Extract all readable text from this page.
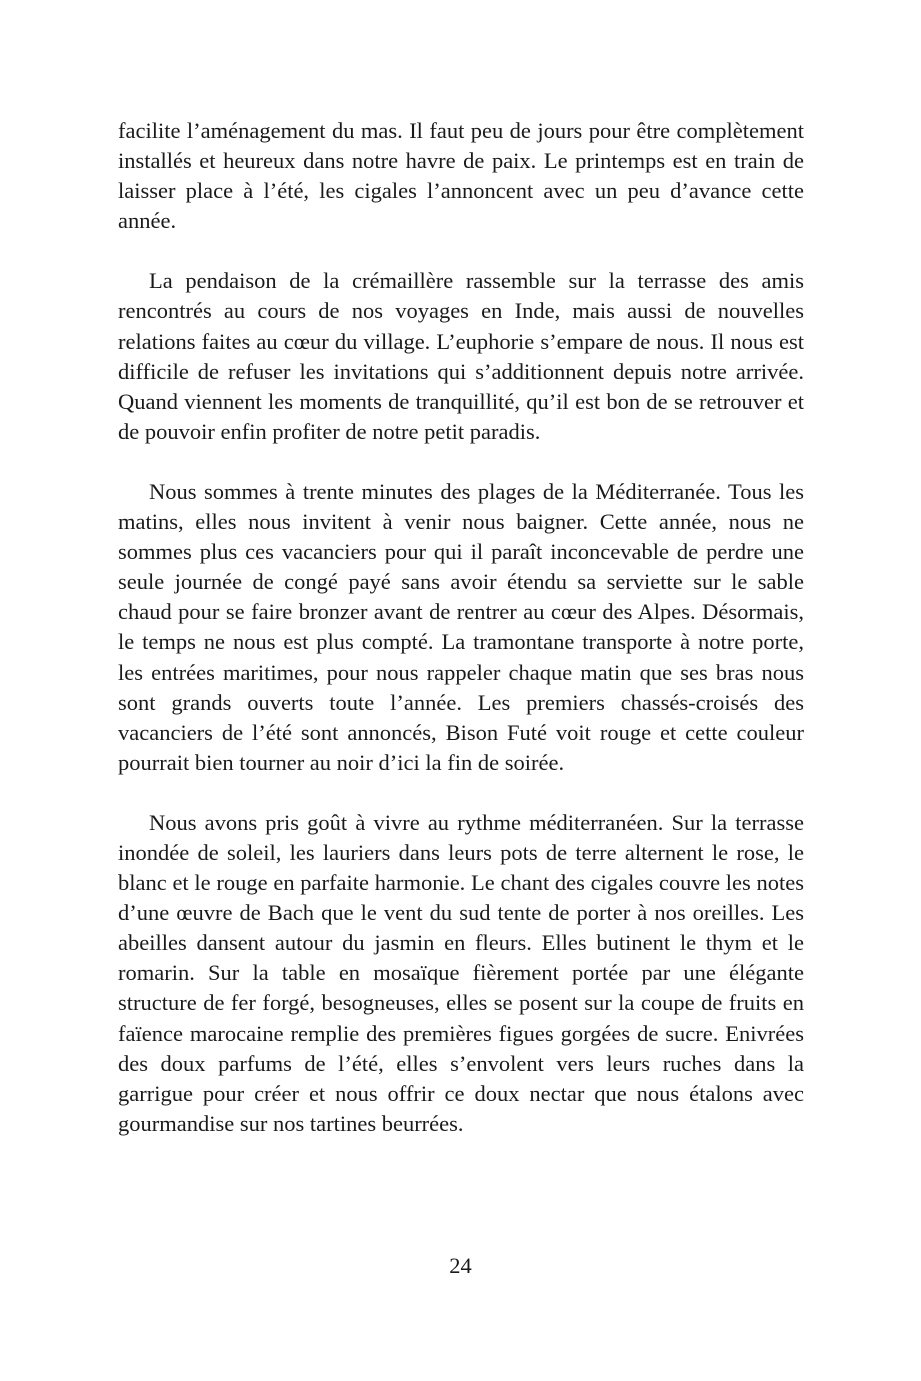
facilite l’aménagement du mas. Il faut peu de jours pour être complètement installés et heureux dans notre havre de paix. Le printemps est en train de laisser place à l’été, les cigales l’annoncent avec un peu d’avance cette année.

La pendaison de la crémaillère rassemble sur la terrasse des amis rencontrés au cours de nos voyages en Inde, mais aussi de nouvelles relations faites au cœur du village. L’euphorie s’empare de nous. Il nous est difficile de refuser les invitations qui s’additionnent depuis notre arrivée. Quand viennent les moments de tranquillité, qu’il est bon de se retrouver et de pouvoir enfin profiter de notre petit paradis.

Nous sommes à trente minutes des plages de la Méditerranée. Tous les matins, elles nous invitent à venir nous baigner. Cette année, nous ne sommes plus ces vacanciers pour qui il paraît inconcevable de perdre une seule journée de congé payé sans avoir étendu sa serviette sur le sable chaud pour se faire bronzer avant de rentrer au cœur des Alpes. Désormais, le temps ne nous est plus compté. La tramontane transporte à notre porte, les entrées maritimes, pour nous rappeler chaque matin que ses bras nous sont grands ouverts toute l’année. Les premiers chassés-croisés des vacanciers de l’été sont annoncés, Bison Futé voit rouge et cette couleur pourrait bien tourner au noir d’ici la fin de soirée.

Nous avons pris goût à vivre au rythme méditerranéen. Sur la terrasse inondée de soleil, les lauriers dans leurs pots de terre alternent le rose, le blanc et le rouge en parfaite harmonie. Le chant des cigales couvre les notes d’une œuvre de Bach que le vent du sud tente de porter à nos oreilles. Les abeilles dansent autour du jasmin en fleurs. Elles butinent le thym et le romarin. Sur la table en mosaïque fièrement portée par une élégante structure de fer forgé, besogneuses, elles se posent sur la coupe de fruits en faïence marocaine remplie des premières figues gorgées de sucre. Enivrées des doux parfums de l’été, elles s’envolent vers leurs ruches dans la garrigue pour créer et nous offrir ce doux nectar que nous étalons avec gourmandise sur nos tartines beurrées.

24
